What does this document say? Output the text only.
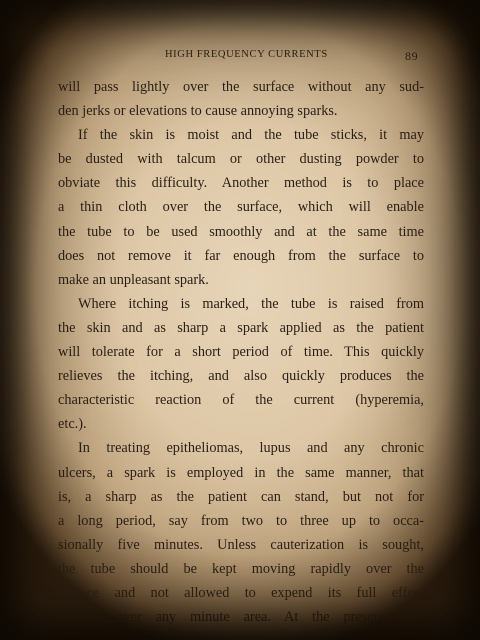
HIGH FREQUENCY CURRENTS	89

will pass lightly over the surface without any sud-
den jerks or elevations to cause annoying sparks.

If the skin is moist and the tube sticks, it may
be dusted with talcum or other dusting powder to
obviate this difficulty. Another method is to place
a thin cloth over the surface, which will enable
the tube to be used smoothly and at the same time
does not remove it far enough from the surface to
make an unpleasant spark.

Where itching is marked, the tube is raised from
the skin and as sharp a spark applied as the patient
will tolerate for a short period of time. This quickly
relieves the itching, and also quickly produces the
characteristic reaction of the current (hyperemia,
etc.).

In treating epitheliomas, lupus and any chronic
ulcers, a spark is employed in the same manner, that
is, a sharp as the patient can stand, but not for
a long period, say from two to three up to occa-
sionally five minutes. Unless cauterization is sought,
the tube should be kept moving rapidly over the
surface and not allowed to expend its full effect
steadily over any minute area. At the present time
